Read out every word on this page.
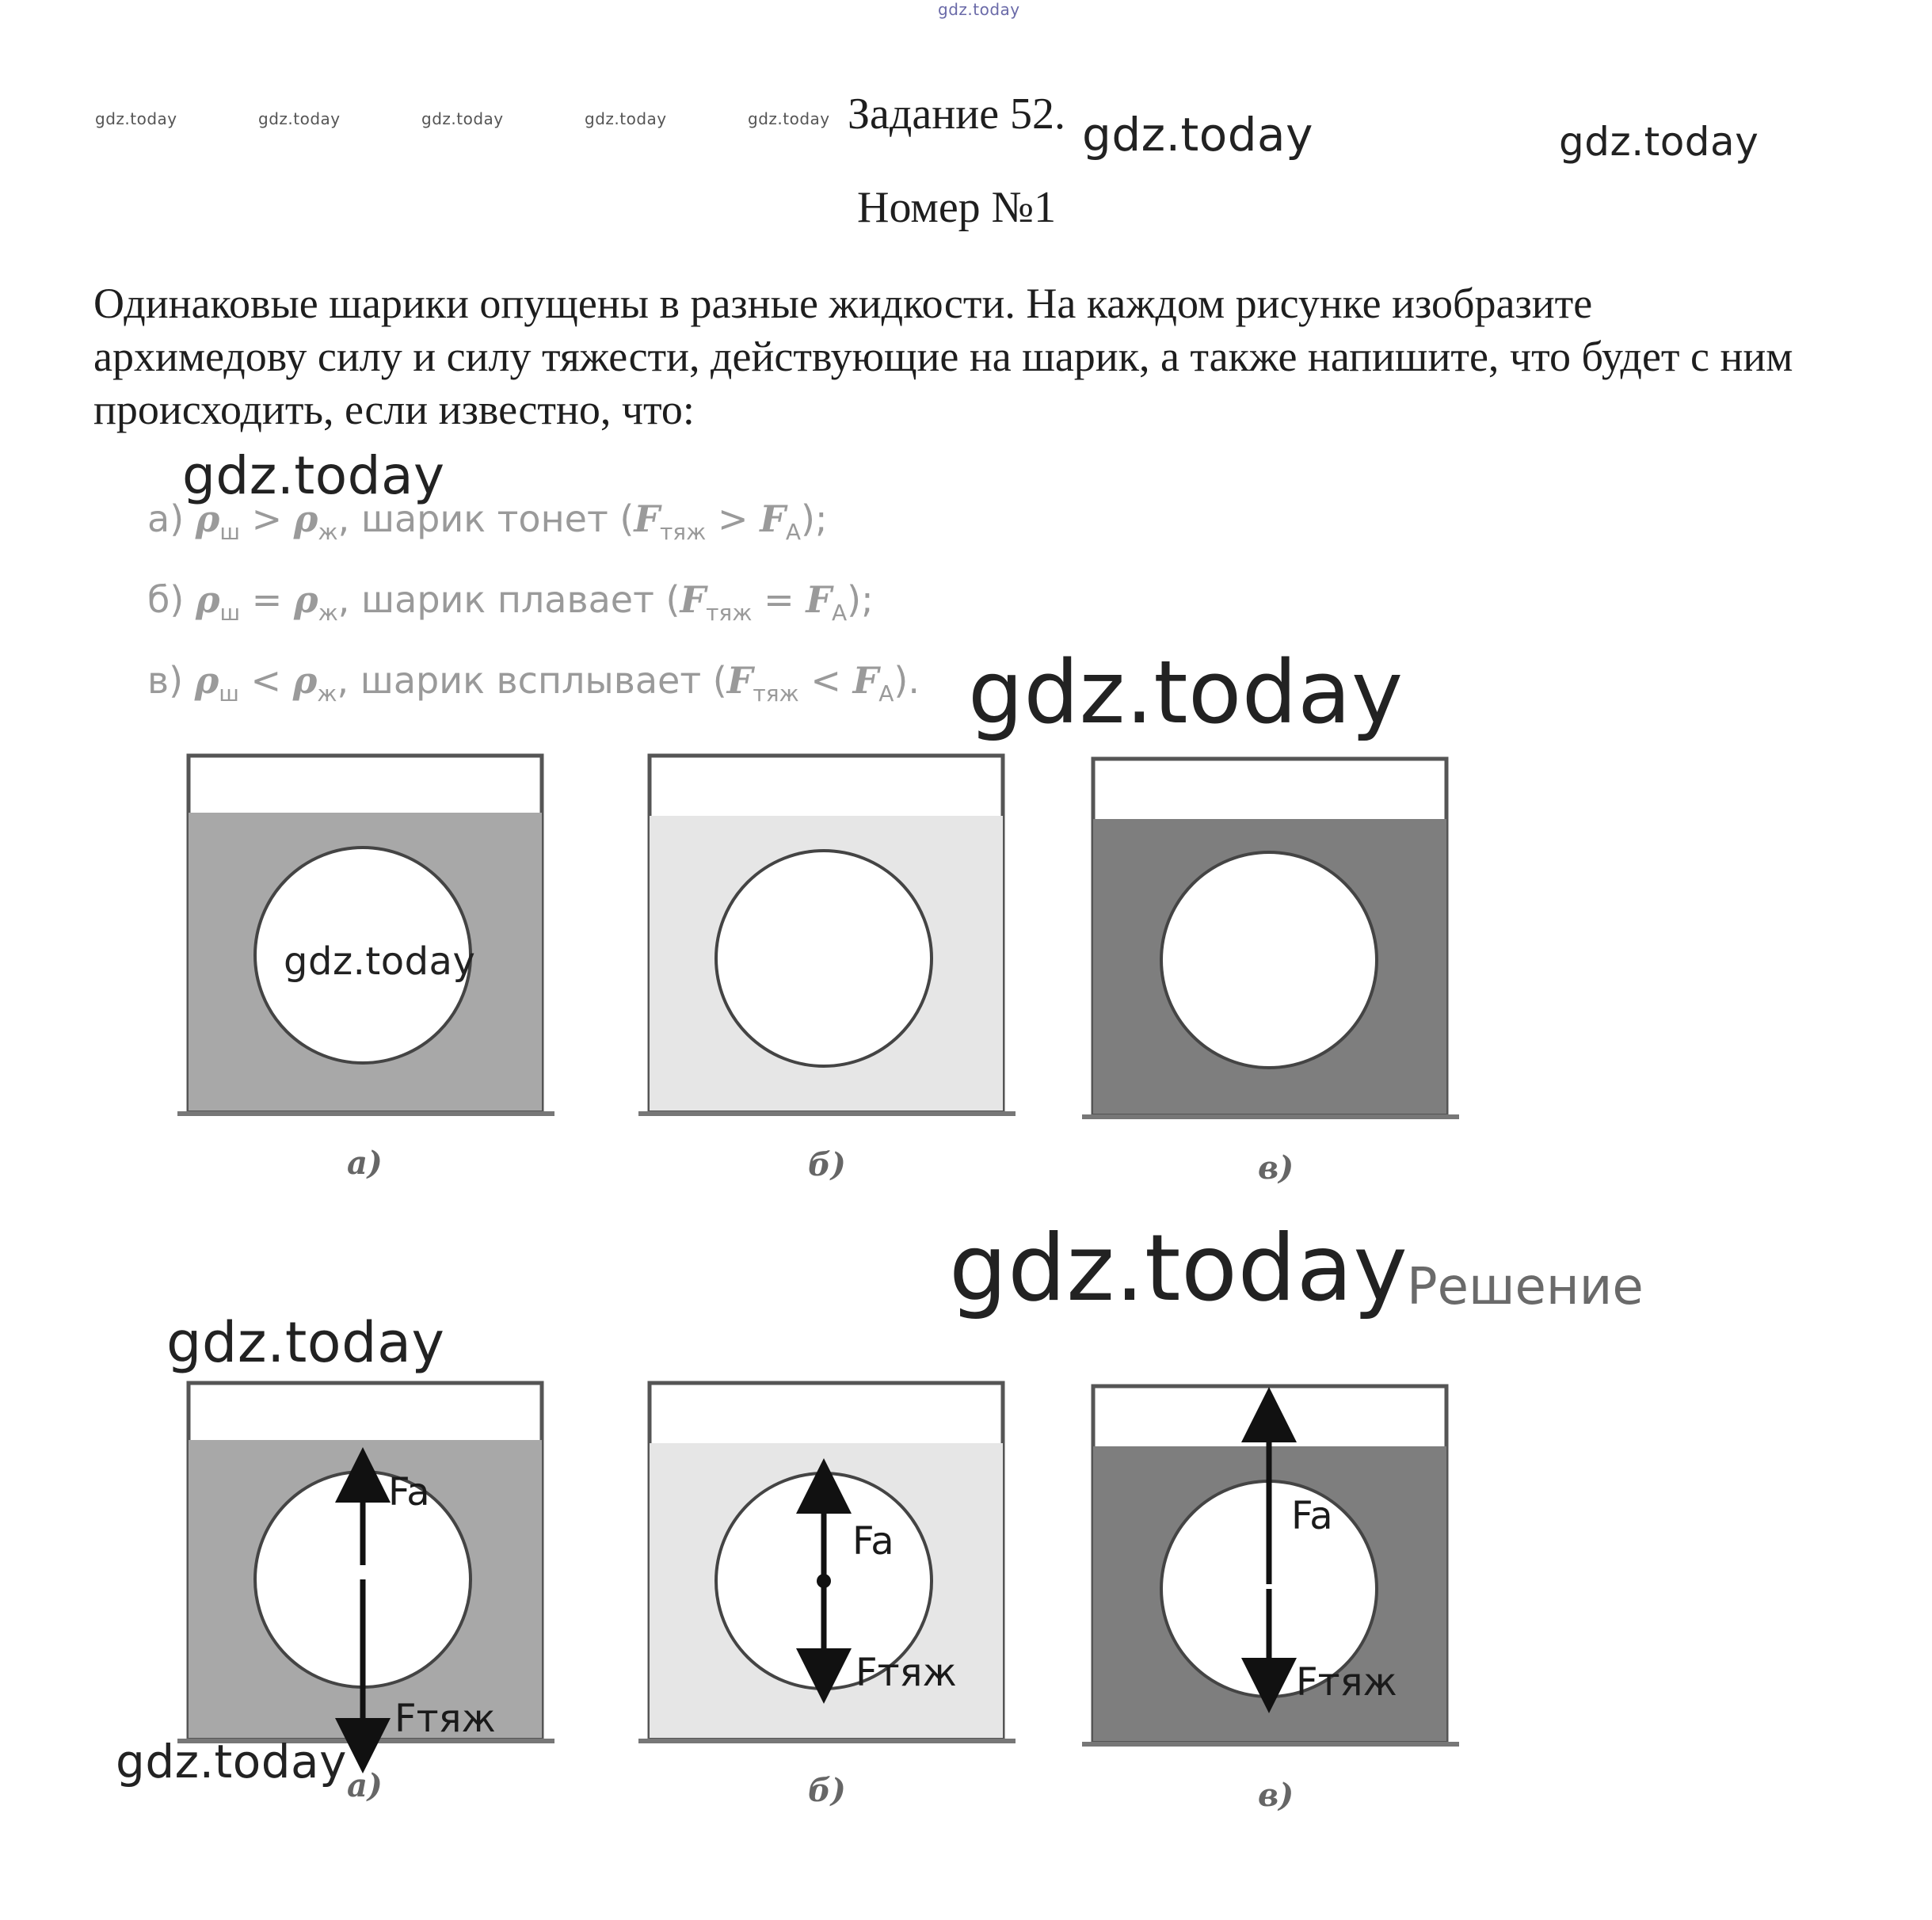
gdz.today
gdz.today	gdz.today	gdz.today	gdz.today	gdz.today Задание 52. gdz.today	gdz.today
Номер №1
Одинаковые шарики опущены в разные жидкости. На каждом рисунке изобразите архимедову силу и силу тяжести, действующие на шарик, а также напишите, что будет с ним происходить, если известно, что:
gdz.today
а) $\rho_ш > \rho_ж$, шарик тонет $(F_{тяж} > F_A)$;
б) $\rho_ш = \rho_ж$, шарик плавает $(F_{тяж} = F_A)$;
в) $\rho_ш < \rho_ж$, шарик всплывает $(F_{тяж} < F_A)$. gdz.today
а)	б)	в)
Fa
Fтяж
а)
Fa
Fтяж
б)
Fa
Fтяж
в)
gdz.today
gdz.today
Решение
gdz.today
gdz.today
